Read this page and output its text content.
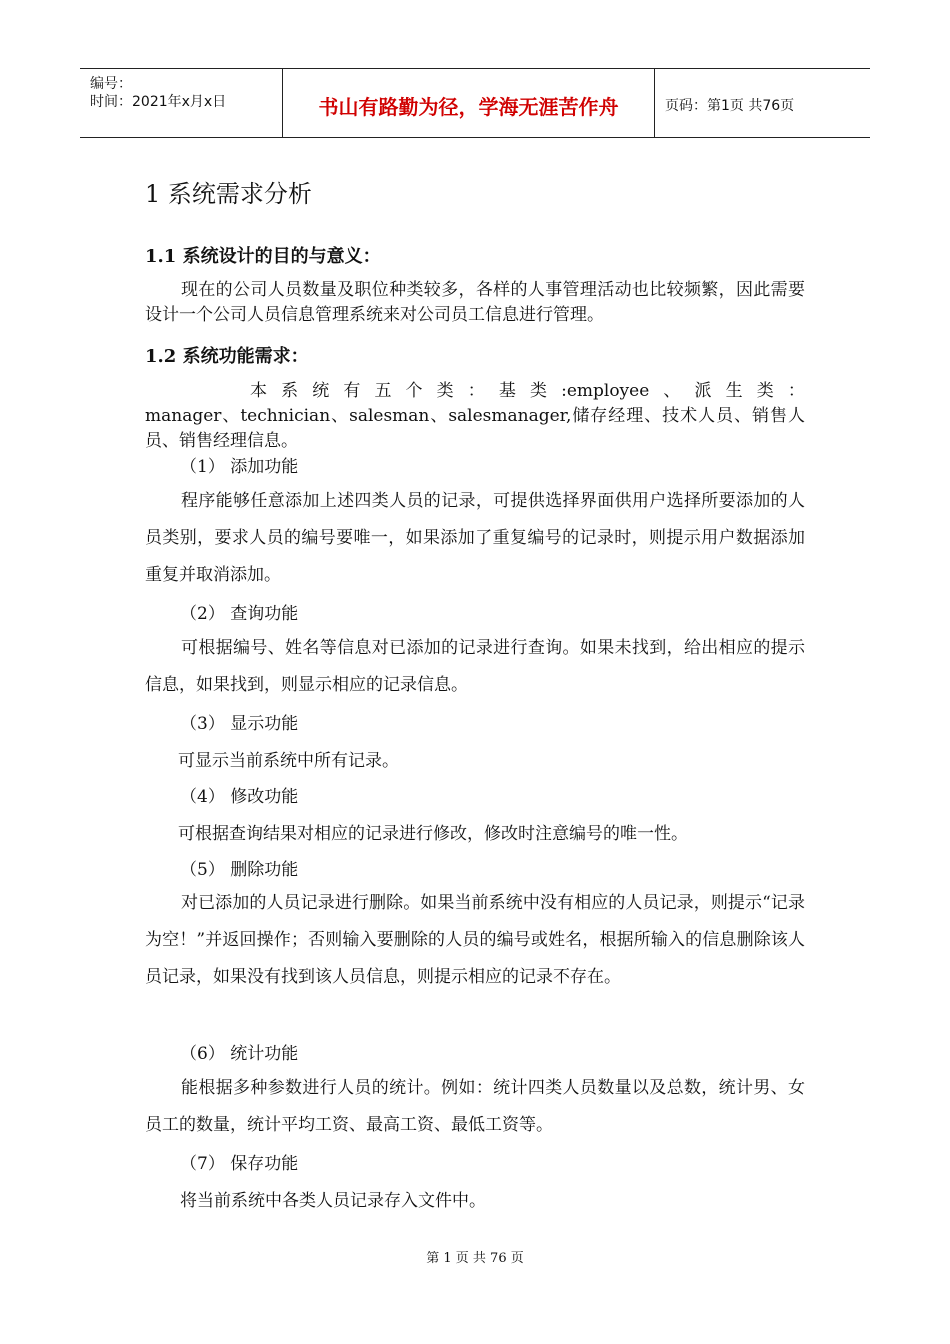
编号：
时间：2021年x月x日	书山有路勤为径，学海无涯苦作舟	页码：第1页 共76页
1 系统需求分析
1.1 系统设计的目的与意义：
现在的公司人员数量及职位种类较多，各样的人事管理活动也比较频繁，因此需要设计一个公司人员信息管理系统来对公司员工信息进行管理。
1.2 系统功能需求：
本 系 统 有 五 个 类 ： 基 类 :employee 、 派 生 类 ：
manager、technician、salesman、salesmanager,储存经理、技术人员、销售人员、销售经理信息。
（1） 添加功能
程序能够任意添加上述四类人员的记录，可提供选择界面供用户选择所要添加的人员类别，要求人员的编号要唯一，如果添加了重复编号的记录时，则提示用户数据添加重复并取消添加。
（2） 查询功能
可根据编号、姓名等信息对已添加的记录进行查询。如果未找到，给出相应的提示信息，如果找到，则显示相应的记录信息。
（3） 显示功能
可显示当前系统中所有记录。
（4） 修改功能
可根据查询结果对相应的记录进行修改，修改时注意编号的唯一性。
（5） 删除功能
对已添加的人员记录进行删除。如果当前系统中没有相应的人员记录，则提示“记录为空！”并返回操作；否则输入要删除的人员的编号或姓名，根据所输入的信息删除该人员记录，如果没有找到该人员信息，则提示相应的记录不存在。
（6） 统计功能
能根据多种参数进行人员的统计。例如：统计四类人员数量以及总数，统计男、女员工的数量，统计平均工资、最高工资、最低工资等。
（7） 保存功能
将当前系统中各类人员记录存入文件中。
第 1 页 共 76 页
